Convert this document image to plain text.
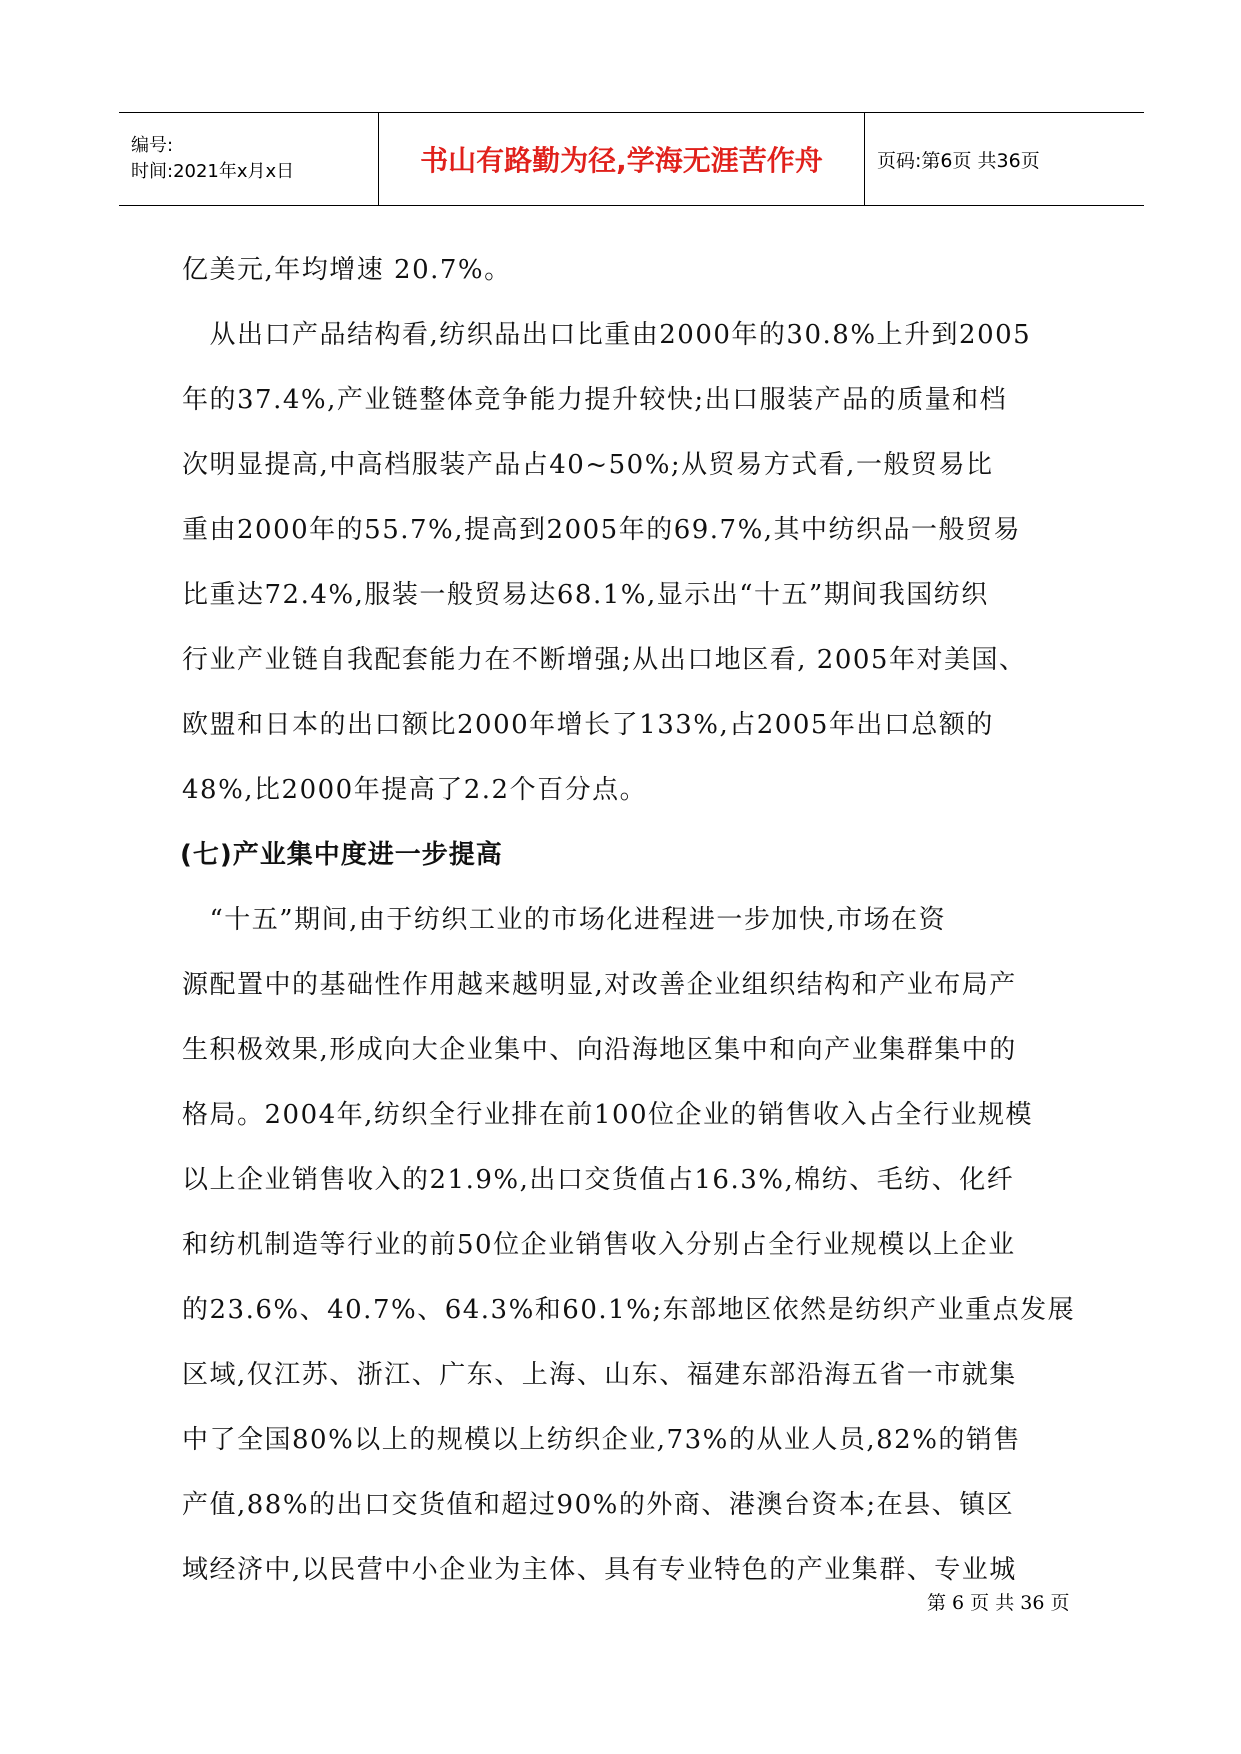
编号:
时间:2021年x月x日	书山有路勤为径,学海无涯苦作舟	页码:第6页 共36页
亿美元,年均增速 20.7%。
　从出口产品结构看,纺织品出口比重由2000年的30.8%上升到2005
年的37.4%,产业链整体竞争能力提升较快;出口服装产品的质量和档
次明显提高,中高档服装产品占40~50%;从贸易方式看,一般贸易比
重由2000年的55.7%,提高到2005年的69.7%,其中纺织品一般贸易
比重达72.4%,服装一般贸易达68.1%,显示出“十五”期间我国纺织
行业产业链自我配套能力在不断增强;从出口地区看, 2005年对美国、
欧盟和日本的出口额比2000年增长了133%,占2005年出口总额的
48%,比2000年提高了2.2个百分点。
(七)产业集中度进一步提高
　“十五”期间,由于纺织工业的市场化进程进一步加快,市场在资
源配置中的基础性作用越来越明显,对改善企业组织结构和产业布局产
生积极效果,形成向大企业集中、向沿海地区集中和向产业集群集中的
格局。2004年,纺织全行业排在前100位企业的销售收入占全行业规模
以上企业销售收入的21.9%,出口交货值占16.3%,棉纺、毛纺、化纤
和纺机制造等行业的前50位企业销售收入分别占全行业规模以上企业
的23.6%、40.7%、64.3%和60.1%;东部地区依然是纺织产业重点发展
区域,仅江苏、浙江、广东、上海、山东、福建东部沿海五省一市就集
中了全国80%以上的规模以上纺织企业,73%的从业人员,82%的销售
产值,88%的出口交货值和超过90%的外商、港澳台资本;在县、镇区
域经济中,以民营中小企业为主体、具有专业特色的产业集群、专业城
第 6 页 共 36 页
